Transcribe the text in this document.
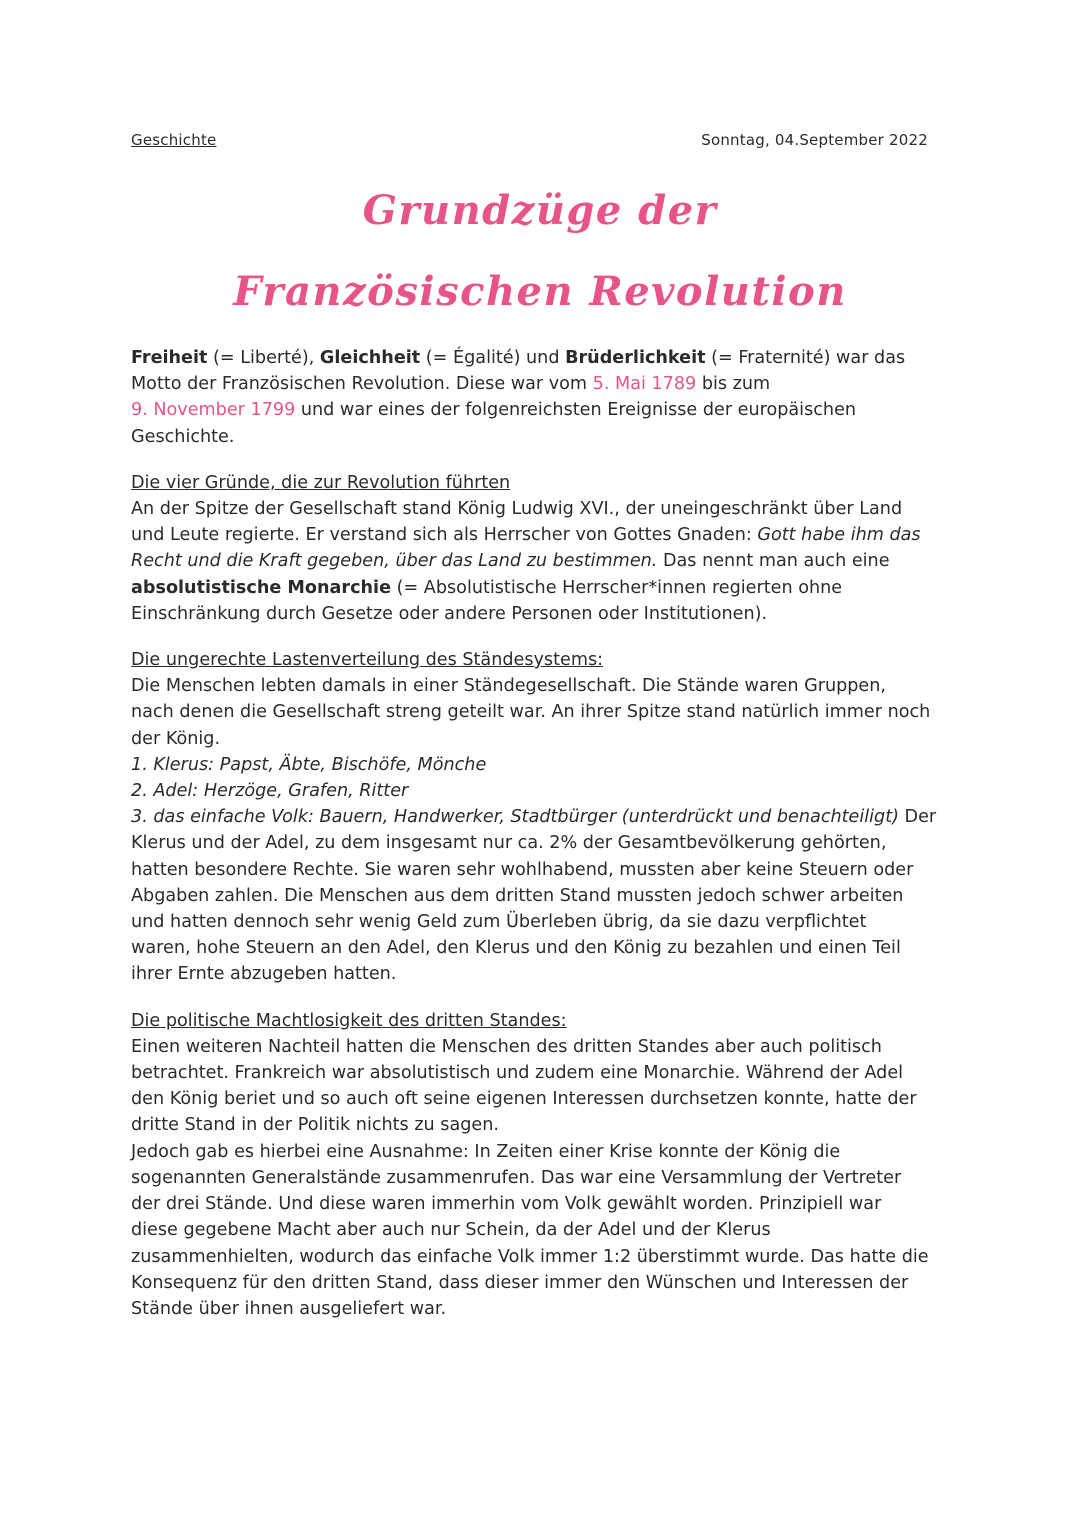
Geschichte	Sonntag, 04.September 2022
Grundzüge der
Französischen Revolution

Freiheit (= Liberté), Gleichheit (= Égalité) und Brüderlichkeit (= Fraternité) war das

Motto der Französischen Revolution. Diese war vom 5. Mai 1789 bis zum

9. November 1799 und war eines der folgenreichsten Ereignisse der europäischen

Geschichte.

Die vier Gründe, die zur Revolution führten

An der Spitze der Gesellschaft stand König Ludwig XVI., der uneingeschränkt über Land

und Leute regierte. Er verstand sich als Herrscher von Gottes Gnaden: Gott habe ihm das

Recht und die Kraft gegeben, über das Land zu bestimmen. Das nennt man auch eine

absolutistische Monarchie (= Absolutistische Herrscher*innen regierten ohne

Einschränkung durch Gesetze oder andere Personen oder Institutionen).

Die ungerechte Lastenverteilung des Ständesystems:

Die Menschen lebten damals in einer Ständegesellschaft. Die Stände waren Gruppen,

nach denen die Gesellschaft streng geteilt war. An ihrer Spitze stand natürlich immer noch

der König.

1. Klerus: Papst, Äbte, Bischöfe, Mönche

2. Adel: Herzöge, Grafen, Ritter

3. das einfache Volk: Bauern, Handwerker, Stadtbürger (unterdrückt und benachteiligt) Der

Klerus und der Adel, zu dem insgesamt nur ca. 2% der Gesamtbevölkerung gehörten,

hatten besondere Rechte. Sie waren sehr wohlhabend, mussten aber keine Steuern oder

Abgaben zahlen. Die Menschen aus dem dritten Stand mussten jedoch schwer arbeiten

und hatten dennoch sehr wenig Geld zum Überleben übrig, da sie dazu verpflichtet

waren, hohe Steuern an den Adel, den Klerus und den König zu bezahlen und einen Teil

ihrer Ernte abzugeben hatten.

Die politische Machtlosigkeit des dritten Standes:

Einen weiteren Nachteil hatten die Menschen des dritten Standes aber auch politisch

betrachtet. Frankreich war absolutistisch und zudem eine Monarchie. Während der Adel

den König beriet und so auch oft seine eigenen Interessen durchsetzen konnte, hatte der

dritte Stand in der Politik nichts zu sagen.

Jedoch gab es hierbei eine Ausnahme: In Zeiten einer Krise konnte der König die

sogenannten Generalstände zusammenrufen. Das war eine Versammlung der Vertreter

der drei Stände. Und diese waren immerhin vom Volk gewählt worden. Prinzipiell war

diese gegebene Macht aber auch nur Schein, da der Adel und der Klerus

zusammenhielten, wodurch das einfache Volk immer 1:2 überstimmt wurde. Das hatte die

Konsequenz für den dritten Stand, dass dieser immer den Wünschen und Interessen der

Stände über ihnen ausgeliefert war.
